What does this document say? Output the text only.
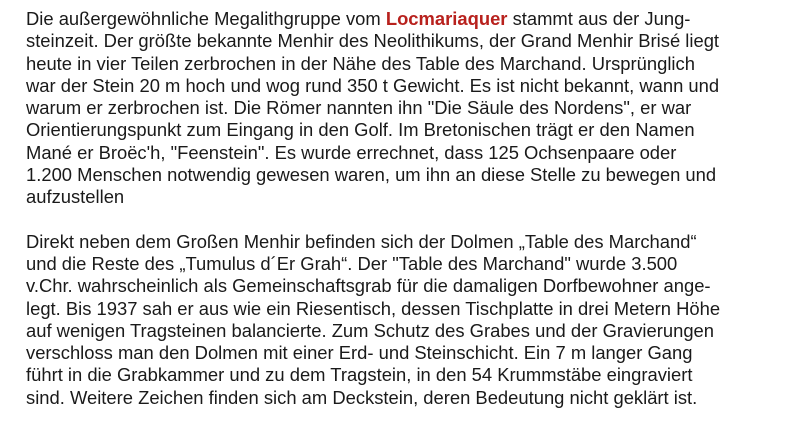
Die außergewöhnliche Megalithgruppe vom Locmariaquer stammt aus der Jung-
steinzeit. Der größte bekannte Menhir des Neolithikums, der Grand Menhir Brisé liegt
heute in vier Teilen zerbrochen in der Nähe des Table des Marchand. Ursprünglich
war der Stein 20 m hoch und wog rund 350 t Gewicht. Es ist nicht bekannt, wann und
warum er zerbrochen ist. Die Römer nannten ihn "Die Säule des Nordens", er war
Orientierungspunkt zum Eingang in den Golf. Im Bretonischen trägt er den Namen
Mané er Broëc'h, "Feenstein". Es wurde errechnet, dass 125 Ochsenpaare oder
1.200 Menschen notwendig gewesen waren, um ihn an diese Stelle zu bewegen und
aufzustellen

Direkt neben dem Großen Menhir befinden sich der Dolmen „Table des Marchand“
und die Reste des „Tumulus d´Er Grah“. Der "Table des Marchand" wurde 3.500
v.Chr. wahrscheinlich als Gemeinschaftsgrab für die damaligen Dorfbewohner ange-
legt. Bis 1937 sah er aus wie ein Riesentisch, dessen Tischplatte in drei Metern Höhe
auf wenigen Tragsteinen balancierte. Zum Schutz des Grabes und der Gravierungen
verschloss man den Dolmen mit einer Erd- und Steinschicht. Ein 7 m langer Gang
führt in die Grabkammer und zu dem Tragstein, in den 54 Krummstäbe eingraviert
sind. Weitere Zeichen finden sich am Deckstein, deren Bedeutung nicht geklärt ist.
